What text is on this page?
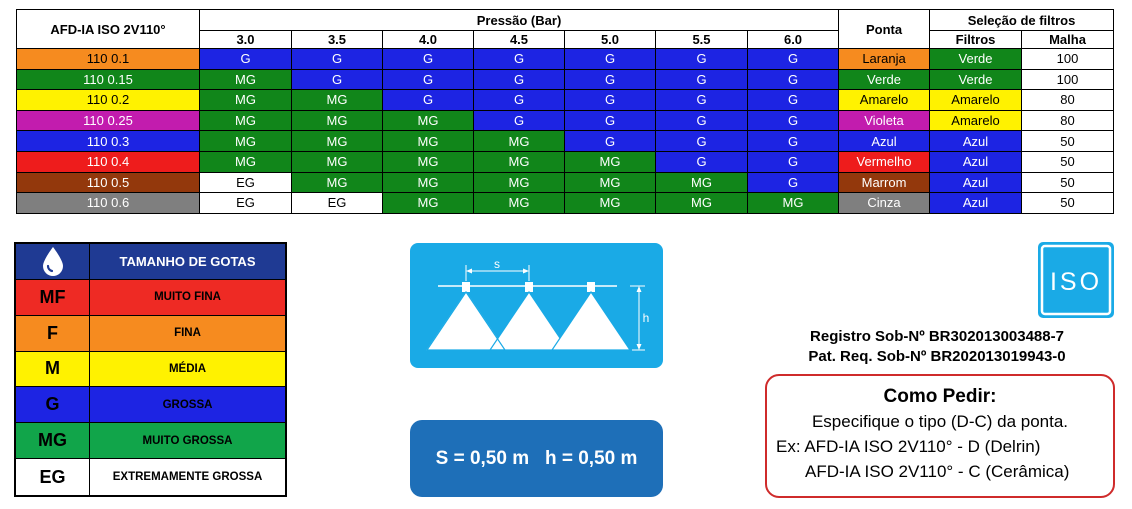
AFD-IA ISO 2V110°	Pressão (Bar)							Ponta	Seleção de filtros	
	3.0	3.5	4.0	4.5	5.0	5.5	6.0		Filtros	Malha
110 0.1	G	G	G	G	G	G	G	Laranja	Verde	100
110 0.15	MG	G	G	G	G	G	G	Verde	Verde	100
110 0.2	MG	MG	G	G	G	G	G	Amarelo	Amarelo	80
110 0.25	MG	MG	MG	G	G	G	G	Violeta	Amarelo	80
110 0.3	MG	MG	MG	MG	G	G	G	Azul	Azul	50
110 0.4	MG	MG	MG	MG	MG	G	G	Vermelho	Azul	50
110 0.5	EG	MG	MG	MG	MG	MG	G	Marrom	Azul	50
110 0.6	EG	EG	MG	MG	MG	MG	MG	Cinza	Azul	50
TAMANHO DE GOTAS
MF	MUITO FINA
F	FINA
M	MÉDIA
G	GROSSA
MG	MUITO GROSSA
EG	EXTREMAMENTE GROSSA
s
h
S = 0,50 m   h = 0,50 m
ISO
Registro Sob-Nº BR302013003488-7
Pat. Req. Sob-Nº BR202013019943-0
Como Pedir:
Especifique o tipo (D-C) da ponta.
Ex: AFD-IA ISO 2V110° - D (Delrin)
AFD-IA ISO 2V110° - C (Cerâmica)
